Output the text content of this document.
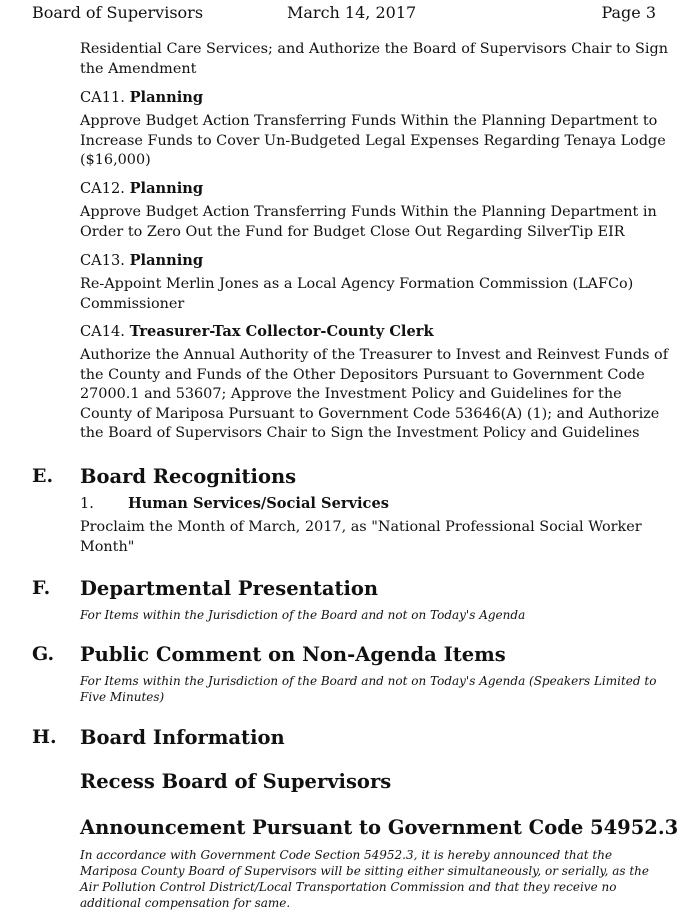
Board of Supervisors	March 14, 2017	Page 3
Residential Care Services; and Authorize the Board of Supervisors Chair to Sign the Amendment
CA11. Planning
Approve Budget Action Transferring Funds Within the Planning Department to Increase Funds to Cover Un-Budgeted Legal Expenses Regarding Tenaya Lodge ($16,000)
CA12. Planning
Approve Budget Action Transferring Funds Within the Planning Department in Order to Zero Out the Fund for Budget Close Out Regarding SilverTip EIR
CA13. Planning
Re-Appoint Merlin Jones as a Local Agency Formation Commission (LAFCo) Commissioner
CA14. Treasurer-Tax Collector-County Clerk
Authorize the Annual Authority of the Treasurer to Invest and Reinvest Funds of the County and Funds of the Other Depositors Pursuant to Government Code 27000.1 and 53607; Approve the Investment Policy and Guidelines for the County of Mariposa Pursuant to Government Code 53646(A) (1); and Authorize the Board of Supervisors Chair to Sign the Investment Policy and Guidelines
E. Board Recognitions
1. Human Services/Social Services
Proclaim the Month of March, 2017, as "National Professional Social Worker Month"
F. Departmental Presentation
For Items within the Jurisdiction of the Board and not on Today's Agenda
G. Public Comment on Non-Agenda Items
For Items within the Jurisdiction of the Board and not on Today's Agenda (Speakers Limited to Five Minutes)
H. Board Information
Recess Board of Supervisors
Announcement Pursuant to Government Code 54952.3
In accordance with Government Code Section 54952.3, it is hereby announced that the Mariposa County Board of Supervisors will be sitting either simultaneously, or serially, as the Air Pollution Control District/Local Transportation Commission and that they receive no additional compensation for same.
